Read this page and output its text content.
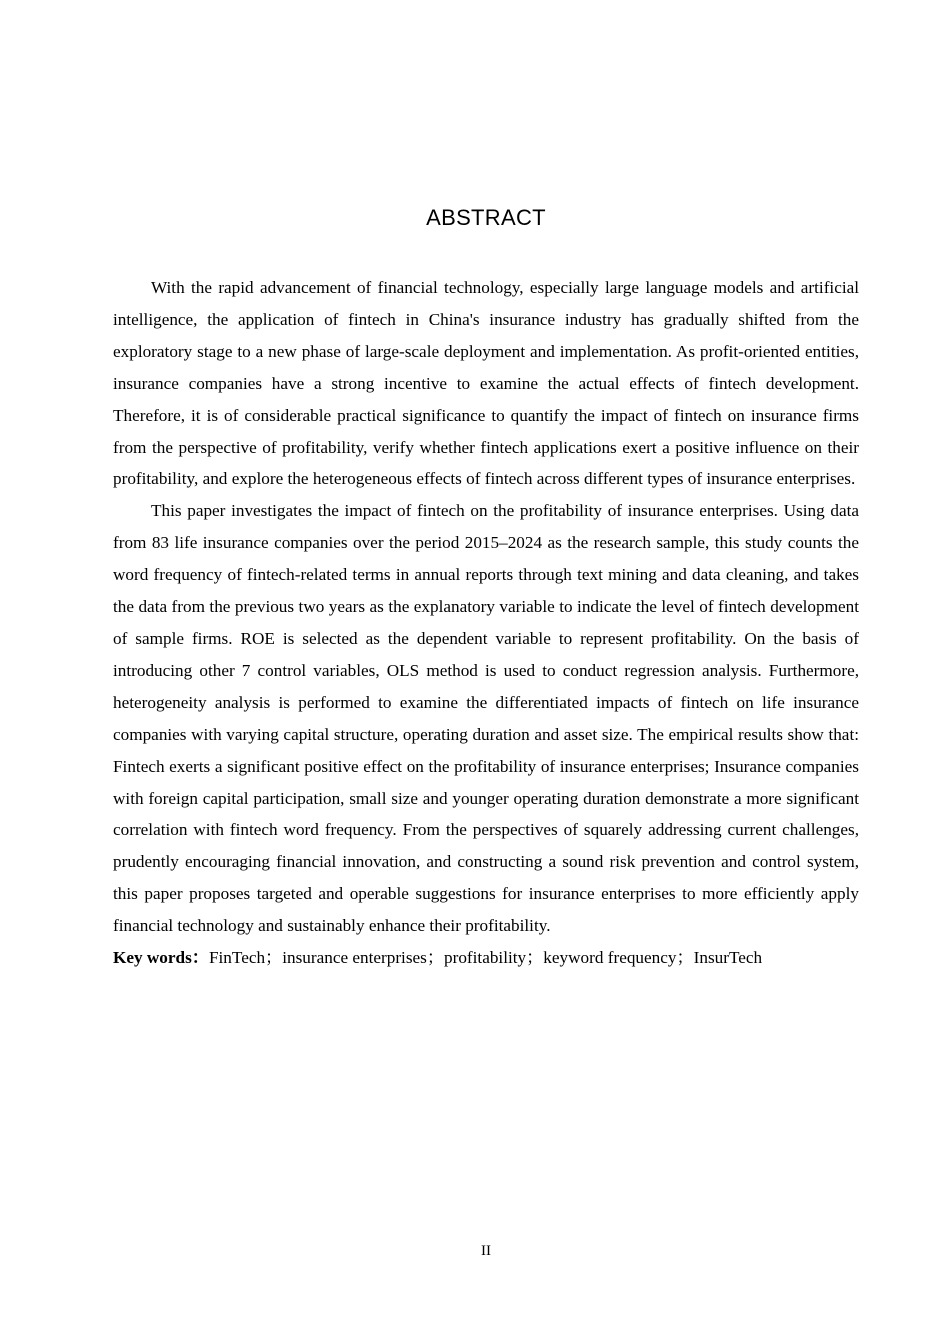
ABSTRACT

With the rapid advancement of financial technology, especially large language models and artificial intelligence, the application of fintech in China's insurance industry has gradually shifted from the exploratory stage to a new phase of large-scale deployment and implementation. As profit-oriented entities, insurance companies have a strong incentive to examine the actual effects of fintech development. Therefore, it is of considerable practical significance to quantify the impact of fintech on insurance firms from the perspective of profitability, verify whether fintech applications exert a positive influence on their profitability, and explore the heterogeneous effects of fintech across different types of insurance enterprises.

This paper investigates the impact of fintech on the profitability of insurance enterprises. Using data from 83 life insurance companies over the period 2015–2024 as the research sample, this study counts the word frequency of fintech-related terms in annual reports through text mining and data cleaning, and takes the data from the previous two years as the explanatory variable to indicate the level of fintech development of sample firms. ROE is selected as the dependent variable to represent profitability. On the basis of introducing other 7 control variables, OLS method is used to conduct regression analysis. Furthermore, heterogeneity analysis is performed to examine the differentiated impacts of fintech on life insurance companies with varying capital structure, operating duration and asset size. The empirical results show that: Fintech exerts a significant positive effect on the profitability of insurance enterprises; Insurance companies with foreign capital participation, small size and younger operating duration demonstrate a more significant correlation with fintech word frequency. From the perspectives of squarely addressing current challenges, prudently encouraging financial innovation, and constructing a sound risk prevention and control system, this paper proposes targeted and operable suggestions for insurance enterprises to more efficiently apply financial technology and sustainably enhance their profitability.

Key words：FinTech；insurance enterprises；profitability；keyword frequency；InsurTech

II
